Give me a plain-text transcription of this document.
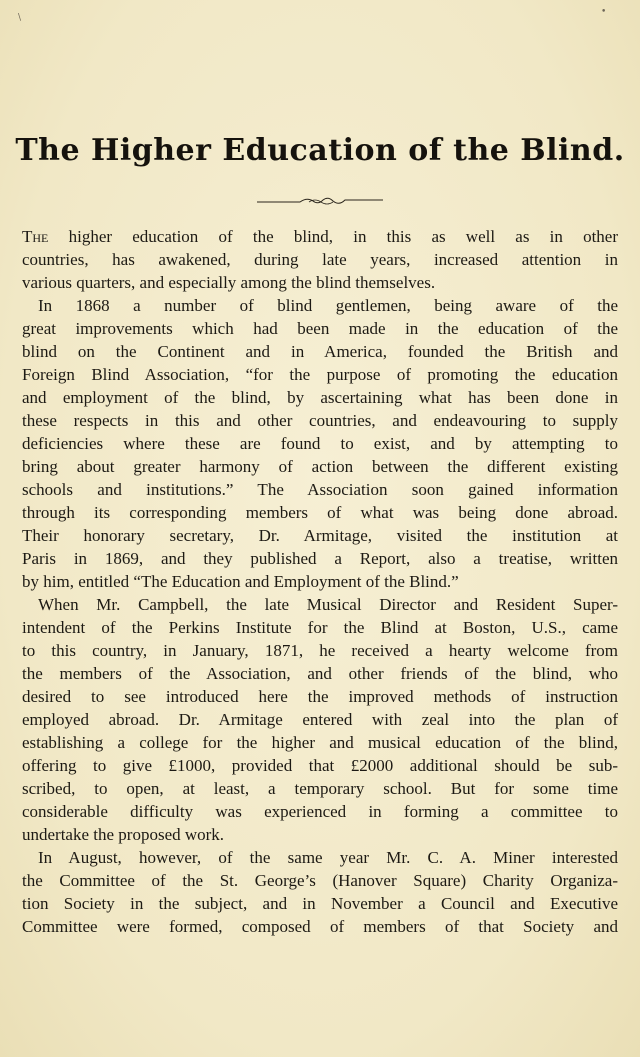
\
•
The Higher Education of the Blind.
The higher education of the blind, in this as well as in other
countries, has awakened, during late years, increased attention in
various quarters, and especially among the blind themselves.
In 1868 a number of blind gentlemen, being aware of the
great improvements which had been made in the education of the
blind on the Continent and in America, founded the British and
Foreign Blind Association, “for the purpose of promoting the education
and employment of the blind, by ascertaining what has been done in
these respects in this and other countries, and endeavouring to supply
deficiencies where these are found to exist, and by attempting to
bring about greater harmony of action between the different existing
schools and institutions.” The Association soon gained information
through its corresponding members of what was being done abroad.
Their honorary secretary, Dr. Armitage, visited the institution at
Paris in 1869, and they published a Report, also a treatise, written
by him, entitled “The Education and Employment of the Blind.”
When Mr. Campbell, the late Musical Director and Resident Super-
intendent of the Perkins Institute for the Blind at Boston, U.S., came
to this country, in January, 1871, he received a hearty welcome from
the members of the Association, and other friends of the blind, who
desired to see introduced here the improved methods of instruction
employed abroad. Dr. Armitage entered with zeal into the plan of
establishing a college for the higher and musical education of the blind,
offering to give £1000, provided that £2000 additional should be sub-
scribed, to open, at least, a temporary school. But for some time
considerable difficulty was experienced in forming a committee to
undertake the proposed work.
In August, however, of the same year Mr. C. A. Miner interested
the Committee of the St. George’s (Hanover Square) Charity Organiza-
tion Society in the subject, and in November a Council and Executive
Committee were formed, composed of members of that Society and
